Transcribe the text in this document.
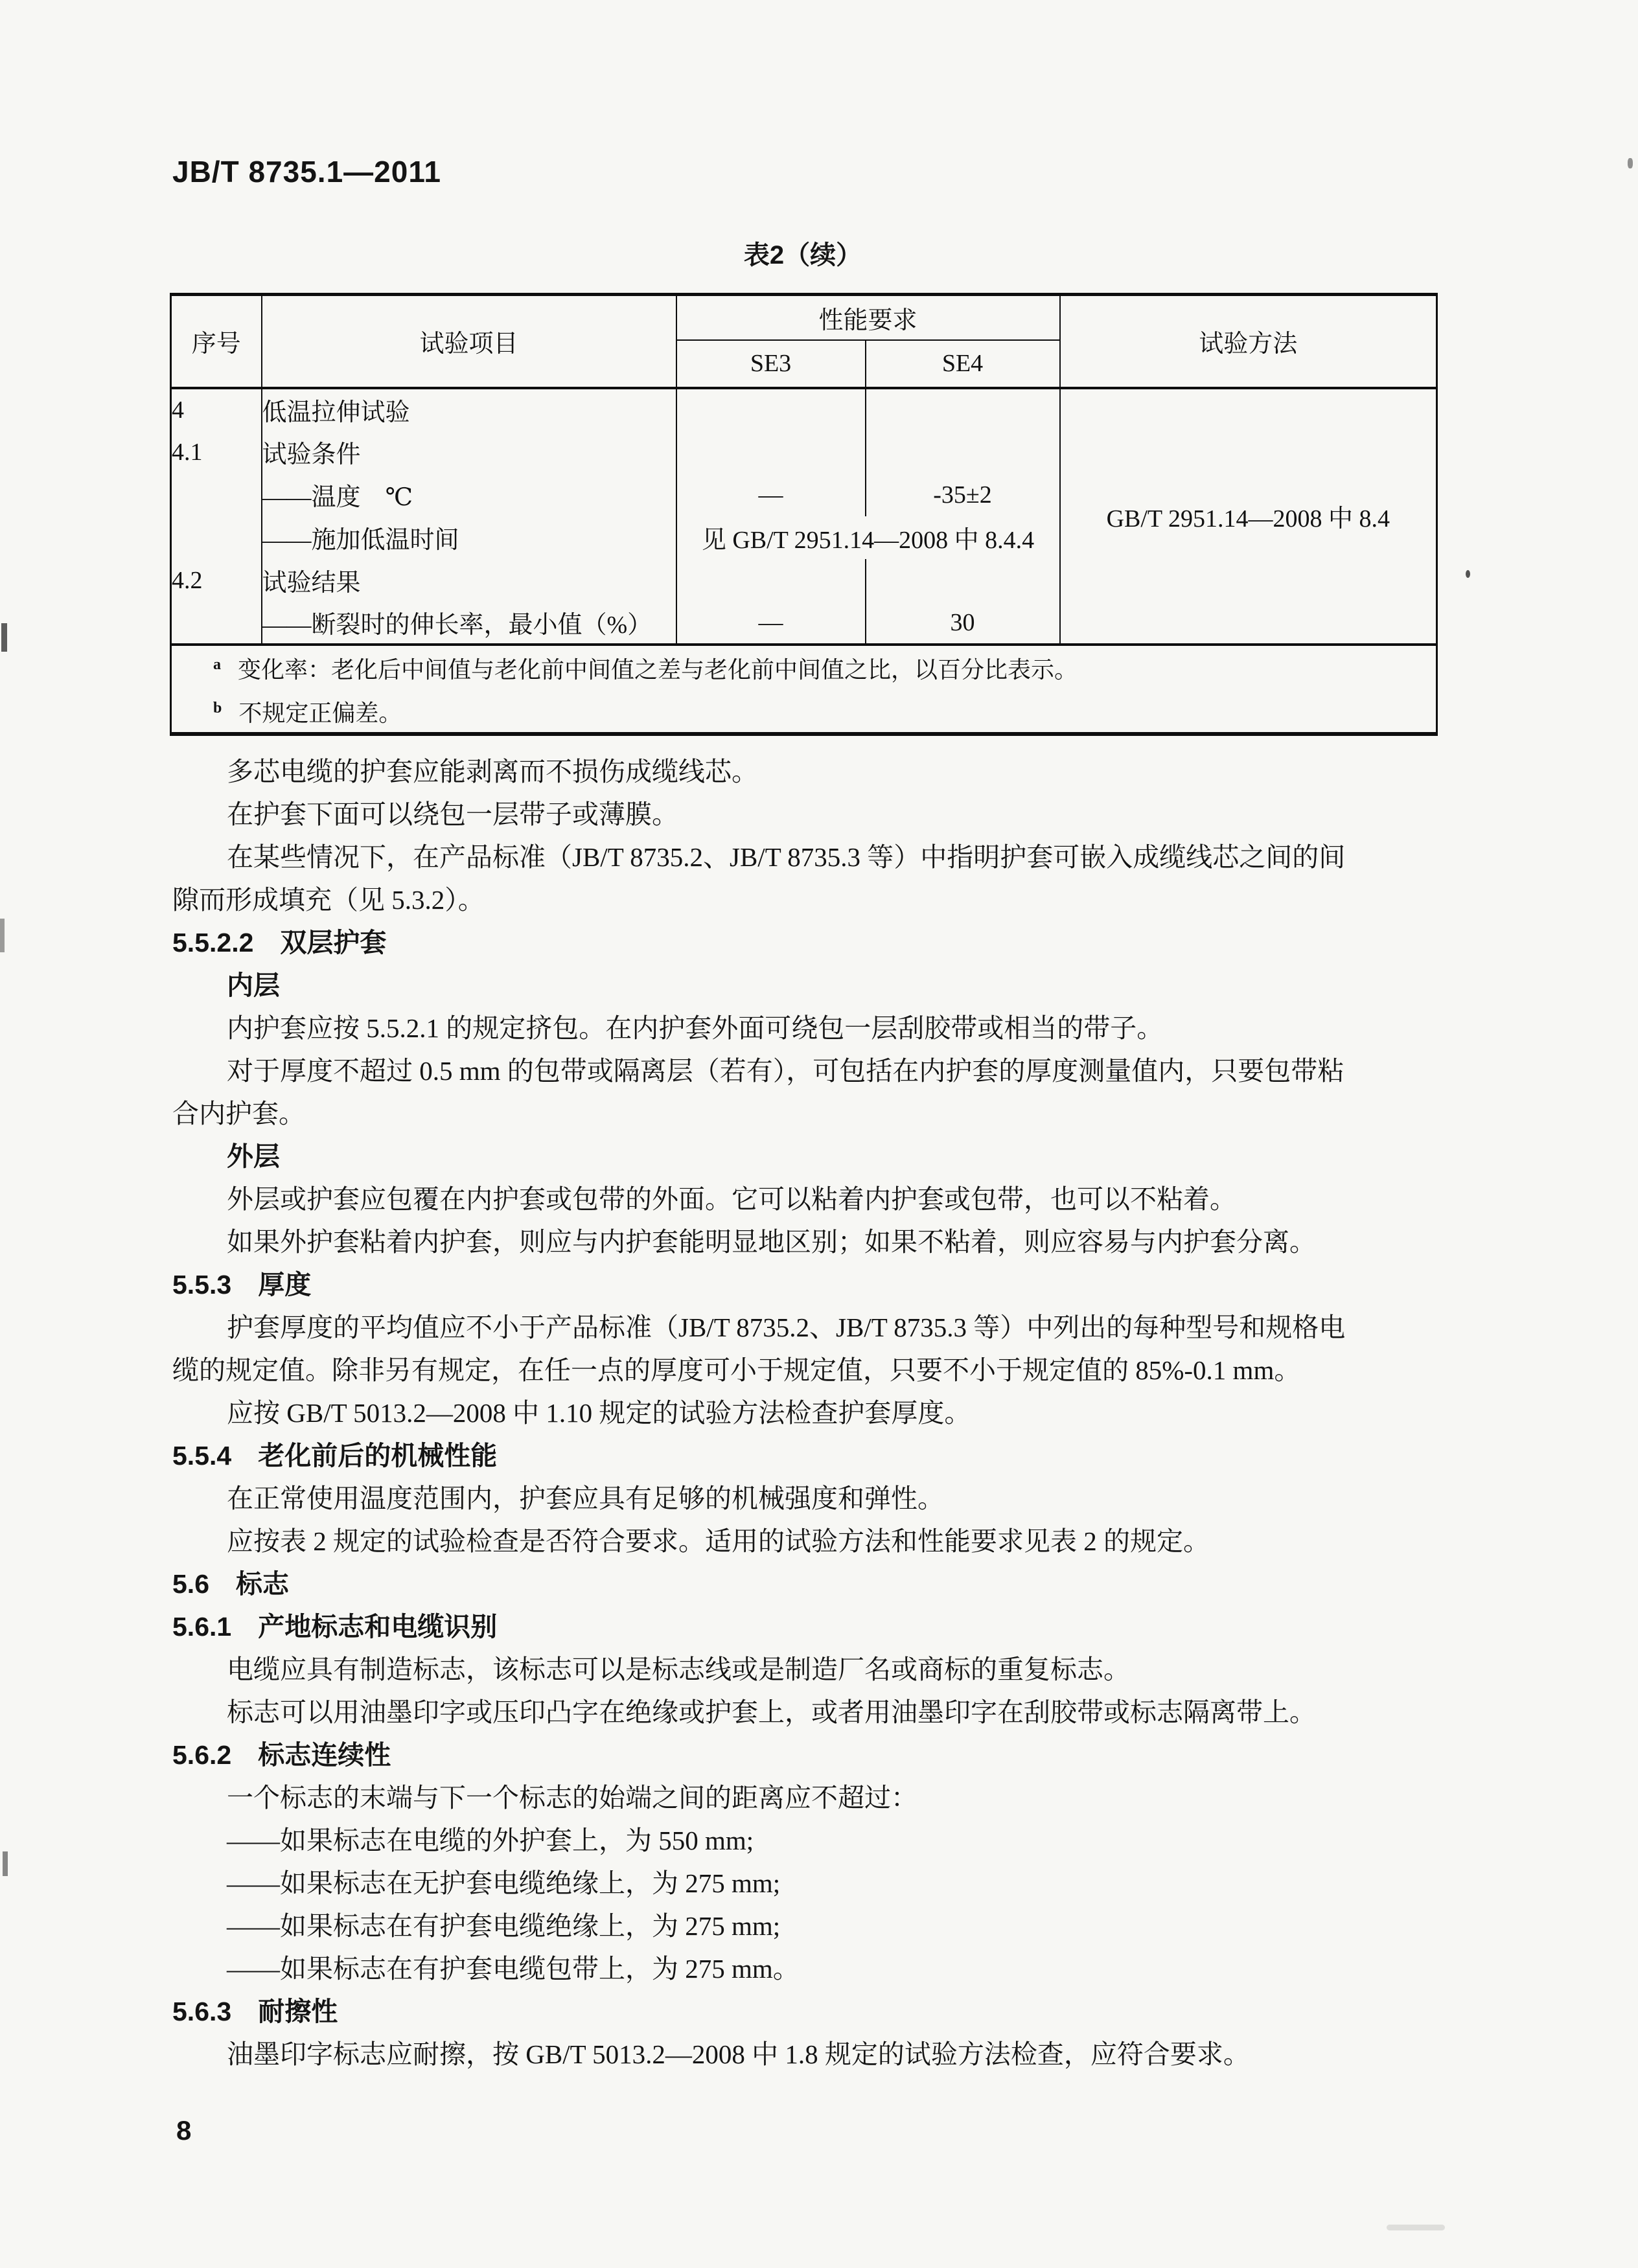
JB/T 8735.1—2011
表2（续）
序号	试验项目	性能要求		试验方法
		SE3	SE4	
4	低温拉伸试验			GB/T 2951.14—2008 中 8.4
4.1	试验条件			
	——温度　℃	—	-35±2	
	——施加低温时间	见 GB/T 2951.14—2008 中 8.4.4		
4.2	试验结果			
	——断裂时的伸长率，最小值（%）	—	30	
$^a$ 变化率：老化后中间值与老化前中间值之差与老化前中间值之比，以百分比表示。				
$^b$ 不规定正偏差。				

多芯电缆的护套应能剥离而不损伤成缆线芯。

在护套下面可以绕包一层带子或薄膜。

在某些情况下，在产品标准（JB/T 8735.2、JB/T 8735.3 等）中指明护套可嵌入成缆线芯之间的间

隙而形成填充（见 5.3.2）。

5.5.2.2　双层护套

内层

内护套应按 5.5.2.1 的规定挤包。在内护套外面可绕包一层刮胶带或相当的带子。

对于厚度不超过 0.5 mm 的包带或隔离层（若有），可包括在内护套的厚度测量值内，只要包带粘

合内护套。

外层

外层或护套应包覆在内护套或包带的外面。它可以粘着内护套或包带，也可以不粘着。

如果外护套粘着内护套，则应与内护套能明显地区别；如果不粘着，则应容易与内护套分离。

5.5.3　厚度

护套厚度的平均值应不小于产品标准（JB/T 8735.2、JB/T 8735.3 等）中列出的每种型号和规格电

缆的规定值。除非另有规定，在任一点的厚度可小于规定值，只要不小于规定值的 85%-0.1 mm。

应按 GB/T 5013.2—2008 中 1.10 规定的试验方法检查护套厚度。

5.5.4　老化前后的机械性能

在正常使用温度范围内，护套应具有足够的机械强度和弹性。

应按表 2 规定的试验检查是否符合要求。适用的试验方法和性能要求见表 2 的规定。

5.6　标志

5.6.1　产地标志和电缆识别

电缆应具有制造标志，该标志可以是标志线或是制造厂名或商标的重复标志。

标志可以用油墨印字或压印凸字在绝缘或护套上，或者用油墨印字在刮胶带或标志隔离带上。

5.6.2　标志连续性

一个标志的末端与下一个标志的始端之间的距离应不超过：

——如果标志在电缆的外护套上，为 550 mm;

——如果标志在无护套电缆绝缘上，为 275 mm;

——如果标志在有护套电缆绝缘上，为 275 mm;

——如果标志在有护套电缆包带上，为 275 mm。

5.6.3　耐擦性

油墨印字标志应耐擦，按 GB/T 5013.2—2008 中 1.8 规定的试验方法检查，应符合要求。

8
